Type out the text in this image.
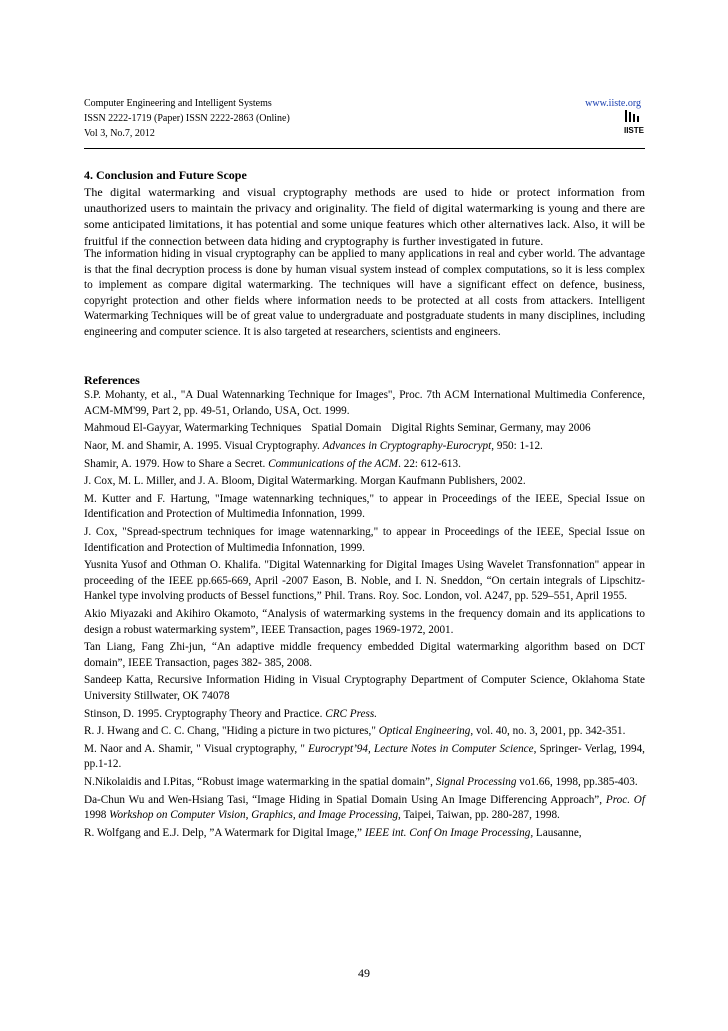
Computer Engineering and Intelligent Systems
ISSN 2222-1719 (Paper) ISSN 2222-2863 (Online)
Vol 3, No.7, 2012
www.iiste.org
IISTE
4. Conclusion and Future Scope
The digital watermarking and visual cryptography methods are used to hide or protect information from unauthorized users to maintain the privacy and originality. The field of digital watermarking is young and there are some anticipated limitations, it has potential and some unique features which other alternatives lack. Also, it will be fruitful if the connection between data hiding and cryptography is further investigated in future.
The information hiding in visual cryptography can be applied to many applications in real and cyber world. The advantage is that the final decryption process is done by human visual system instead of complex computations, so it is less complex to implement as compare digital watermarking. The techniques will have a significant effect on defence, business, copyright protection and other fields where information needs to be protected at all costs from attackers. Intelligent Watermarking Techniques will be of great value to undergraduate and postgraduate students in many disciplines, including engineering and computer science. It is also targeted at researchers, scientists and engineers.
References
S.P. Mohanty, et al., "A Dual Watennarking Technique for Images", Proc. 7th ACM International Multimedia Conference, ACM-MM'99, Part 2, pp. 49-51, Orlando, USA, Oct. 1999.
Mahmoud El-Gayyar, Watermarking Techniques Spatial Domain Digital Rights Seminar, Germany, may 2006
Naor, M. and Shamir, A. 1995. Visual Cryptography. Advances in Cryptography-Eurocrypt, 950: 1-12.
Shamir, A. 1979. How to Share a Secret. Communications of the ACM. 22: 612-613.
J. Cox, M. L. Miller, and J. A. Bloom, Digital Watermarking. Morgan Kaufmann Publishers, 2002.
M. Kutter and F. Hartung, "Image watennarking techniques," to appear in Proceedings of the IEEE, Special Issue on Identification and Protection of Multimedia Infonnation, 1999.
J. Cox, "Spread-spectrum techniques for image watennarking," to appear in Proceedings of the IEEE, Special Issue on Identification and Protection of Multimedia Infonnation, 1999.
Yusnita Yusof and Othman O. Khalifa. "Digital Watennarking for Digital Images Using Wavelet Transfonnation" appear in proceeding of the IEEE pp.665-669, April -2007 Eason, B. Noble, and I. N. Sneddon, “On certain integrals of Lipschitz-Hankel type involving products of Bessel functions,” Phil. Trans. Roy. Soc. London, vol. A247, pp. 529–551, April 1955.
Akio Miyazaki and Akihiro Okamoto, “Analysis of watermarking systems in the frequency domain and its applications to design a robust watermarking system”, IEEE Transaction, pages 1969-1972, 2001.
Tan Liang, Fang Zhi-jun, “An adaptive middle frequency embedded Digital watermarking algorithm based on DCT domain”, IEEE Transaction, pages 382- 385, 2008.
Sandeep Katta, Recursive Information Hiding in Visual Cryptography Department of Computer Science, Oklahoma State University Stillwater, OK 74078
Stinson, D. 1995. Cryptography Theory and Practice. CRC Press.
R. J. Hwang and C. C. Chang, "Hiding a picture in two pictures," Optical Engineering, vol. 40, no. 3, 2001, pp. 342-351.
M. Naor and A. Shamir, " Visual cryptography, " Eurocrypt’94, Lecture Notes in Computer Science, Springer- Verlag, 1994, pp.1-12.
N.Nikolaidis and I.Pitas, “Robust image watermarking in the spatial domain”, Signal Processing vo1.66, 1998, pp.385-403.
Da-Chun Wu and Wen-Hsiang Tasi, “Image Hiding in Spatial Domain Using An Image Differencing Approach”, Proc. Of 1998 Workshop on Computer Vision, Graphics, and Image Processing, Taipei, Taiwan, pp. 280-287, 1998.
R. Wolfgang and E.J. Delp, ”A Watermark for Digital Image,” IEEE int. Conf On Image Processing, Lausanne,
49
